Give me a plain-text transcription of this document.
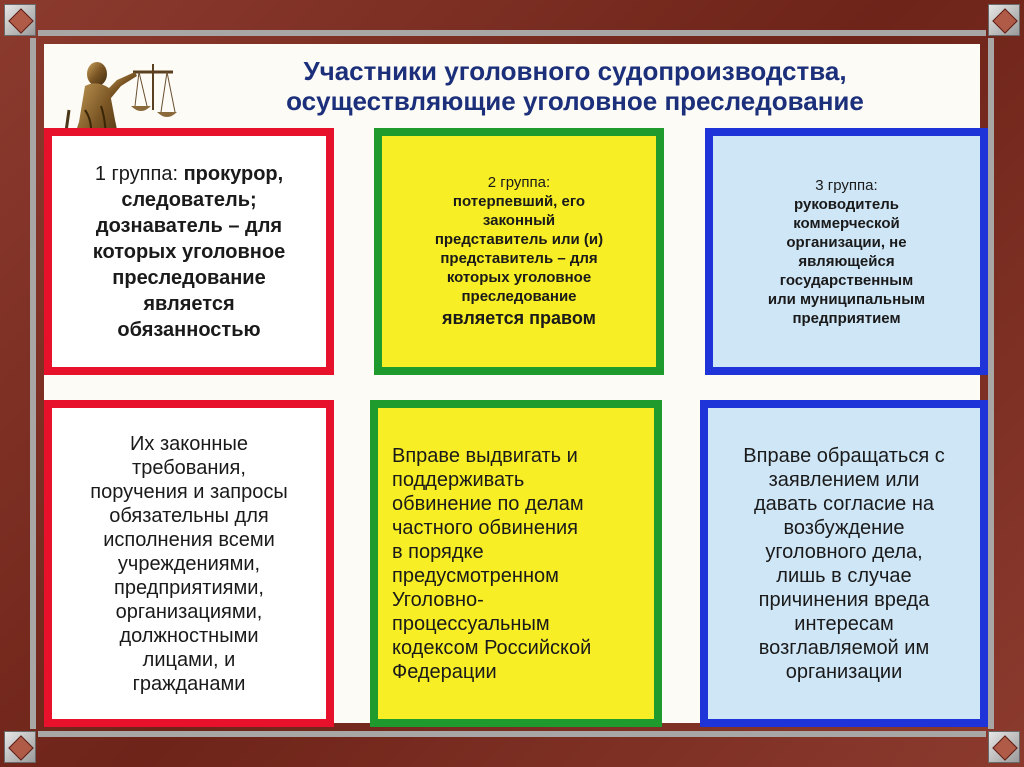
Участники уголовного судопроизводства,
осуществляющие уголовное преследование
1 группа: прокурор,
следователь;
дознаватель – для
которых уголовное
преследование
является
обязанностью
2 группа:
потерпевший, его
законный
представитель или (и)
представитель – для
которых уголовное
преследование
является правом
3 группа:
руководитель
коммерческой
организации, не
являющейся
государственным
или муниципальным
предприятием
Их законные
требования,
поручения и запросы
обязательны для
исполнения всеми
учреждениями,
предприятиями,
организациями,
должностными
лицами, и
гражданами
Вправе выдвигать и
поддерживать
обвинение по делам
частного обвинения
в порядке
предусмотренном
Уголовно-
процессуальным
кодексом Российской
Федерации
Вправе обращаться с
заявлением или
давать согласие на
возбуждение
уголовного дела,
лишь в случае
причинения вреда
интересам
возглавляемой им
организации
